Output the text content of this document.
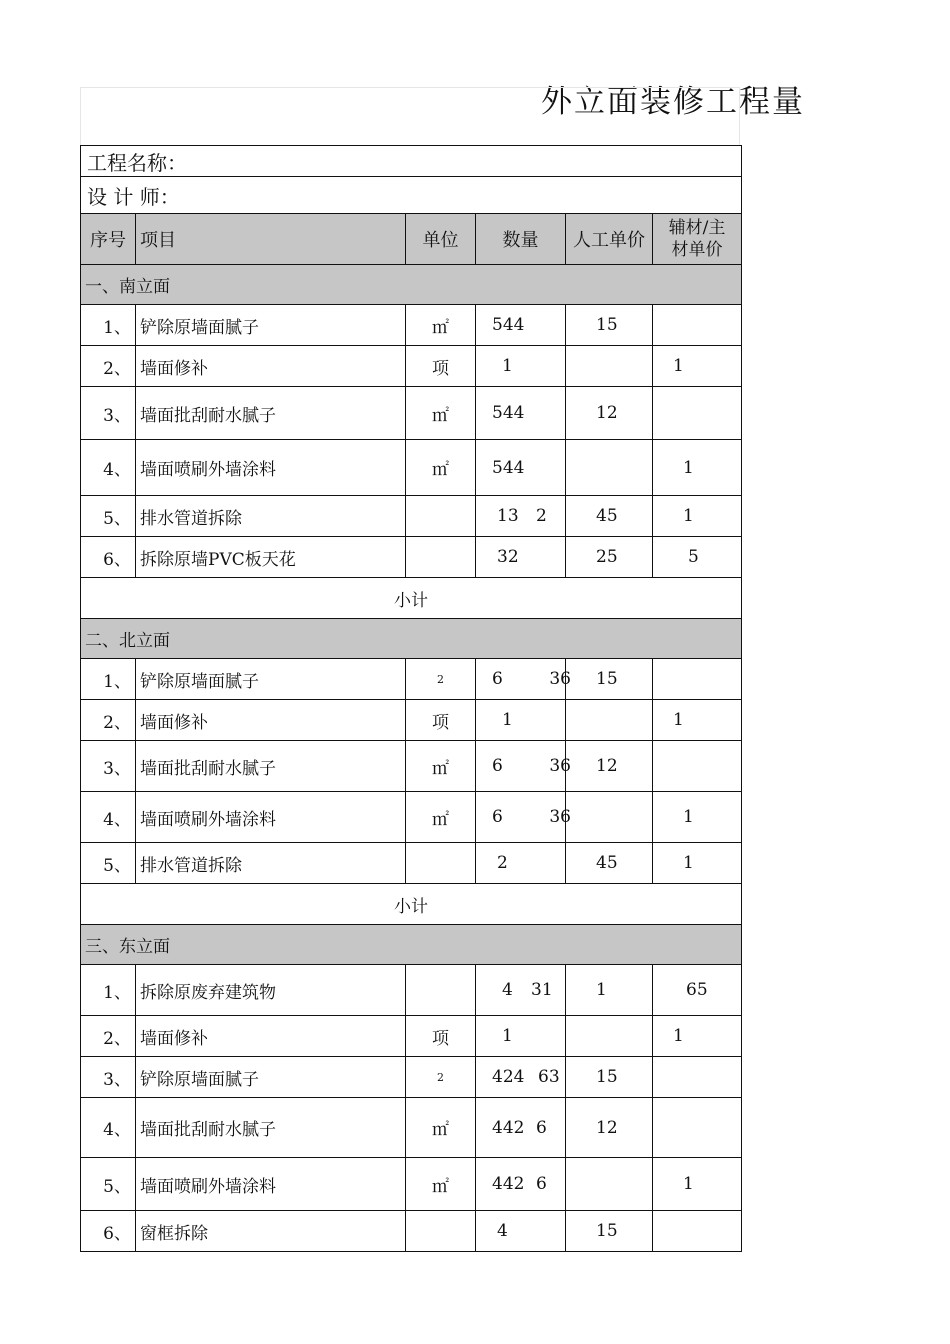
外立面装修工程量
工程名称：					
设 计 师：					
序号	项目	单位	数量	人工单价	辅材/主
材单价
一、南立面					
1、	铲除原墙面腻子	㎡	544	15	

2、	墙面修补	项	1		1

3、	墙面批刮耐水腻子	㎡	544	12	

4、	墙面喷刷外墙涂料	㎡	544		1

5、	排水管道拆除		13 2	45	1

6、	拆除原墙PVC板天花		32	25	5

小计					
二、北立面					
1、	铲除原墙面腻子	2	6 36	15	

2、	墙面修补	项	1		1

3、	墙面批刮耐水腻子	㎡	6 36	12	

4、	墙面喷刷外墙涂料	㎡	6 36		1

5、	排水管道拆除		2	45	1

小计					
三、东立面					
1、	拆除原废弃建筑物		4 31	1	65

2、	墙面修补	项	1		1

3、	铲除原墙面腻子	2	424 63	15	

4、	墙面批刮耐水腻子	㎡	442 6	12	

5、	墙面喷刷外墙涂料	㎡	442 6		1

6、	窗框拆除		4	15	
